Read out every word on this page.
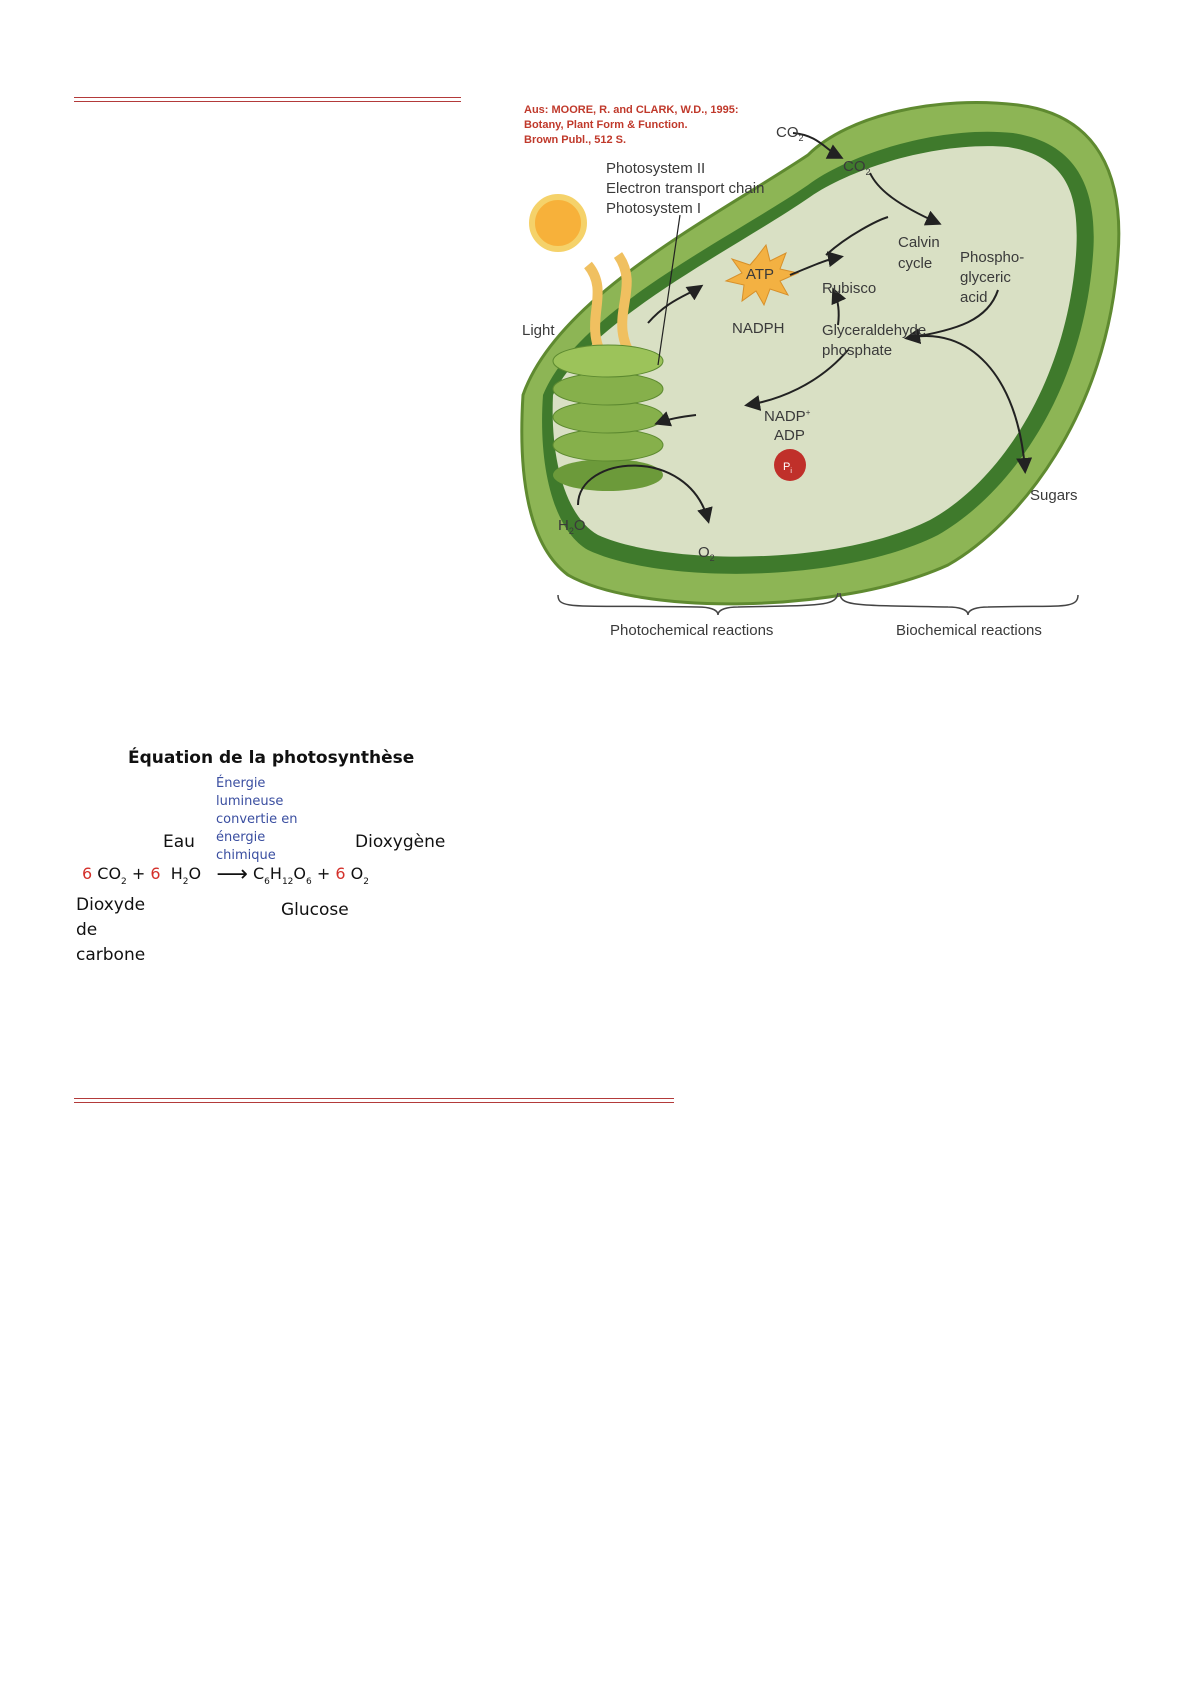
Aus: MOORE, R. and CLARK, W.D., 1995:
Botany, Plant Form & Function.
Brown Publ., 512 S.	$CO_2$
$CO_2$
Photosystem II
Electron transport chain
Photosystem I
Light
ATP
NADPH
Rubisco
Calvin
cycle Phospho-
glyceric
acid
Glyceraldehyde
phosphate
NADP+
ADP
$P_i$
Sugars
$H_2O$
$O_2$
Photochemical reactions	Biochemical reactions
Équation de la photosynthèse
Énergie lumineuse convertie en énergie chimique
Eau	Dioxygène
6 $CO_2 + 6$ $H_2O$ ⟶ $C_6H_{12}O_6 + 6$ $O_2$
Dioxyde
de
carbone
Glucose
